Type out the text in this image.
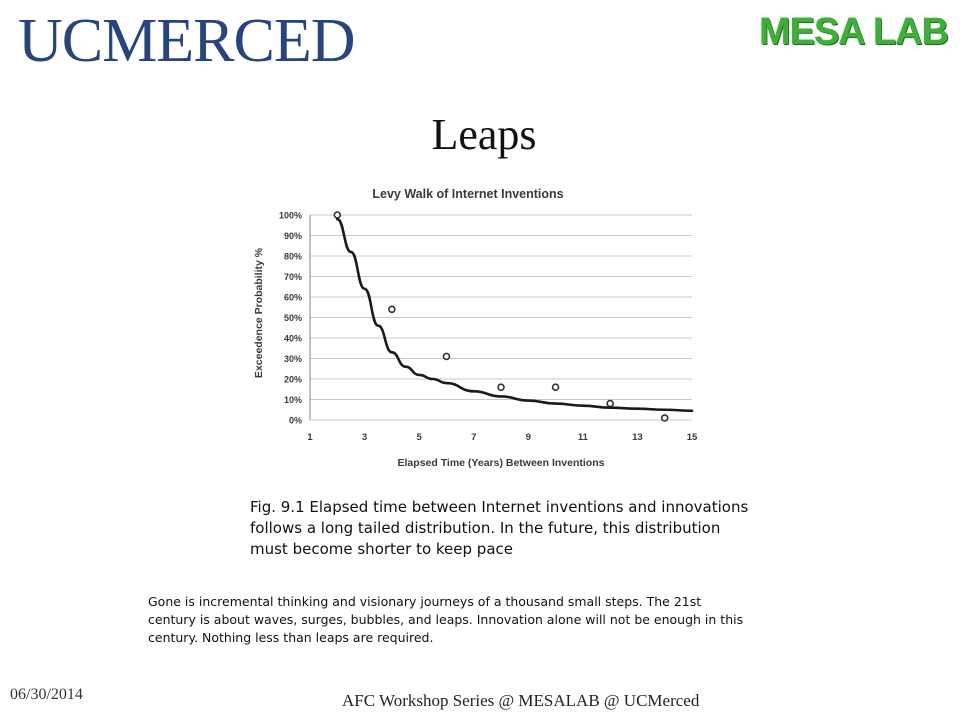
UCMERCED	MESA LAB
Leaps
0%
10%
20%
30%
40%
50%
60%
70%
80%
90%
100%
1	3	5	7	9	11	13	15
Levy Walk of Internet Inventions
Elapsed Time (Years) Between Inventions
Exceedence Probability %
Fig. 9.1 Elapsed time between Internet inventions and innovations follows a long tailed distribution. In the future, this distribution must become shorter to keep pace
Gone is incremental thinking and visionary journeys of a thousand small steps. The 21st century is about waves, surges, bubbles, and leaps. Innovation alone will not be enough in this century. Nothing less than leaps are required.
06/30/2014	AFC Workshop Series @ MESALAB @ UCMerced
